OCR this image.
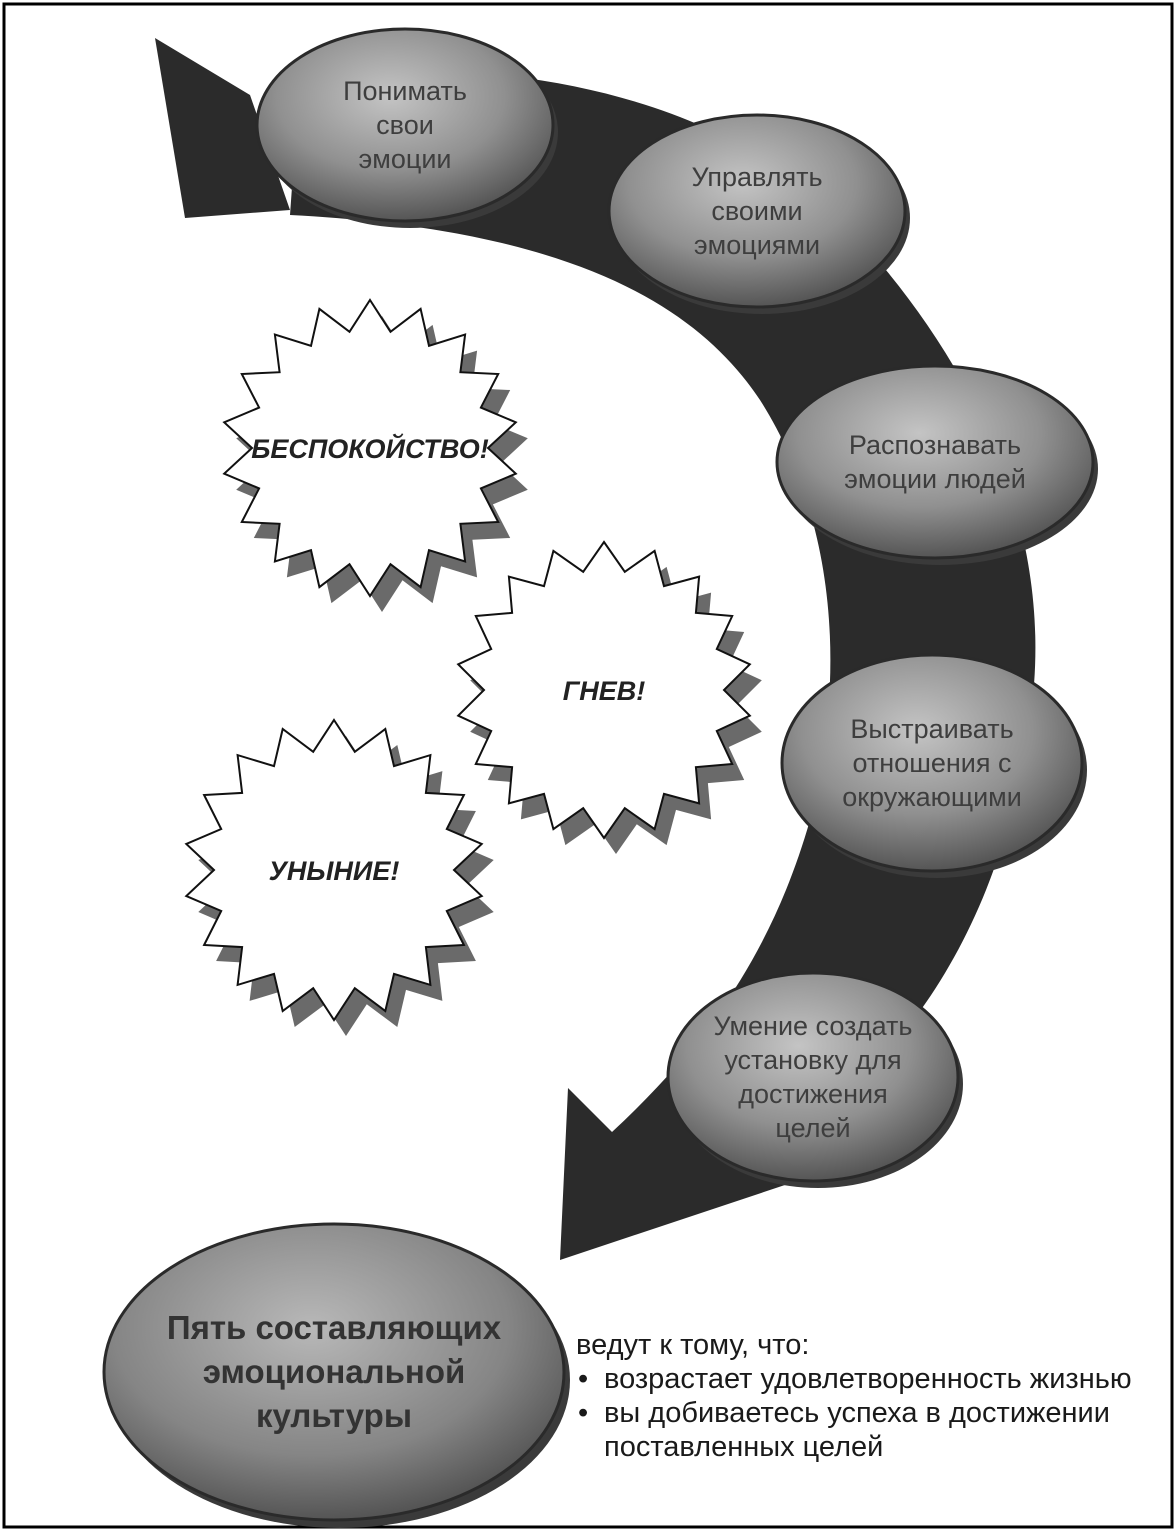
Понимать свои эмоции
Управлять своими эмоциями
Распознавать эмоции людей
Выстраивать отношения с окружающими
Умение создать установку для достижения целей
БЕСПОКОЙСТВО!
ГНЕВ!
УНЫНИЕ!
Пять составляющих эмоциональной культуры
ведут к тому, что:
• возрастает удовлетворенность жизнью
• вы добиваетесь успеха в достижении поставленных целей
